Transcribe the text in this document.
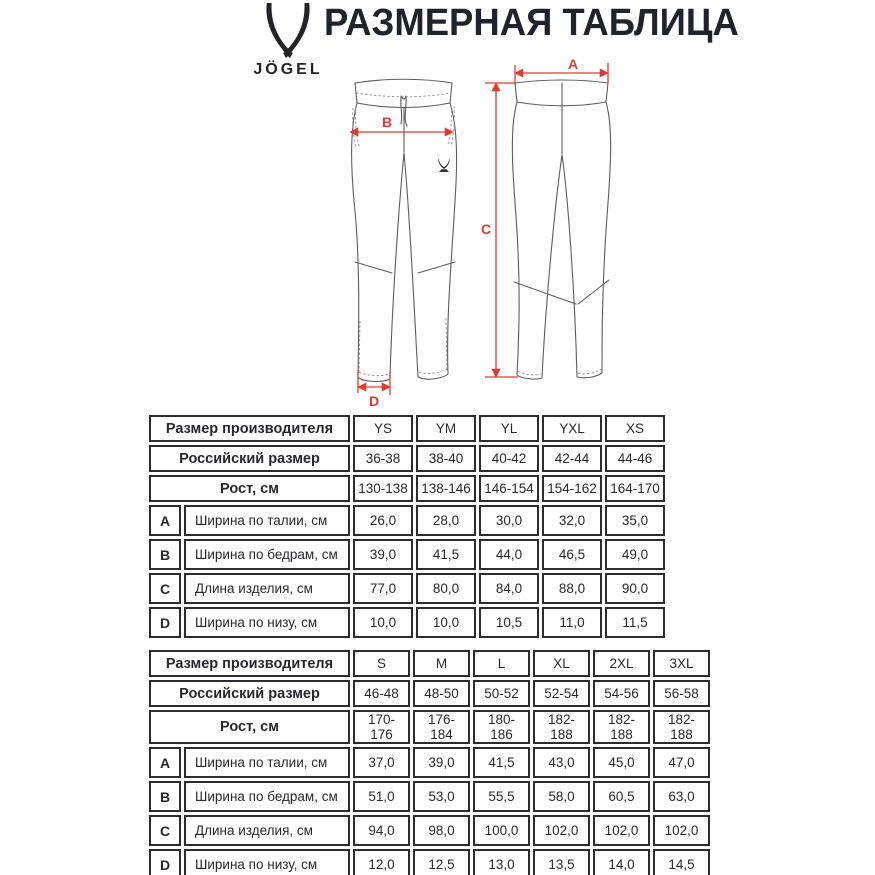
JÖGEL
РАЗМЕРНАЯ ТАБЛИЦА
B
D
A
C
Размер производителя		YS	YM	YL	YXL	XS
Российский размер		36-38	38-40	40-42	42-44	44-46
Рост, см		130-138	138-146	146-154	154-162	164-170
A	Ширина по талии, см	26,0	28,0	30,0	32,0	35,0
B	Ширина по бедрам, см	39,0	41,5	44,0	46,5	49,0
C	Длина изделия, см	77,0	80,0	84,0	88,0	90,0
D	Ширина по низу, см	10,0	10,0	10,5	11,0	11,5
Размер производителя		S	M	L	XL	2XL	3XL
Российский размер		46-48	48-50	50-52	52-54	54-56	56-58
Рост, см		170-176	176-184	180-186	182-188	182-188	182-188
A	Ширина по талии, см	37,0	39,0	41,5	43,0	45,0	47,0
B	Ширина по бедрам, см	51,0	53,0	55,5	58,0	60,5	63,0
C	Длина изделия, см	94,0	98,0	100,0	102,0	102,0	102,0
D	Ширина по низу, см	12,0	12,5	13,0	13,5	14,0	14,5
